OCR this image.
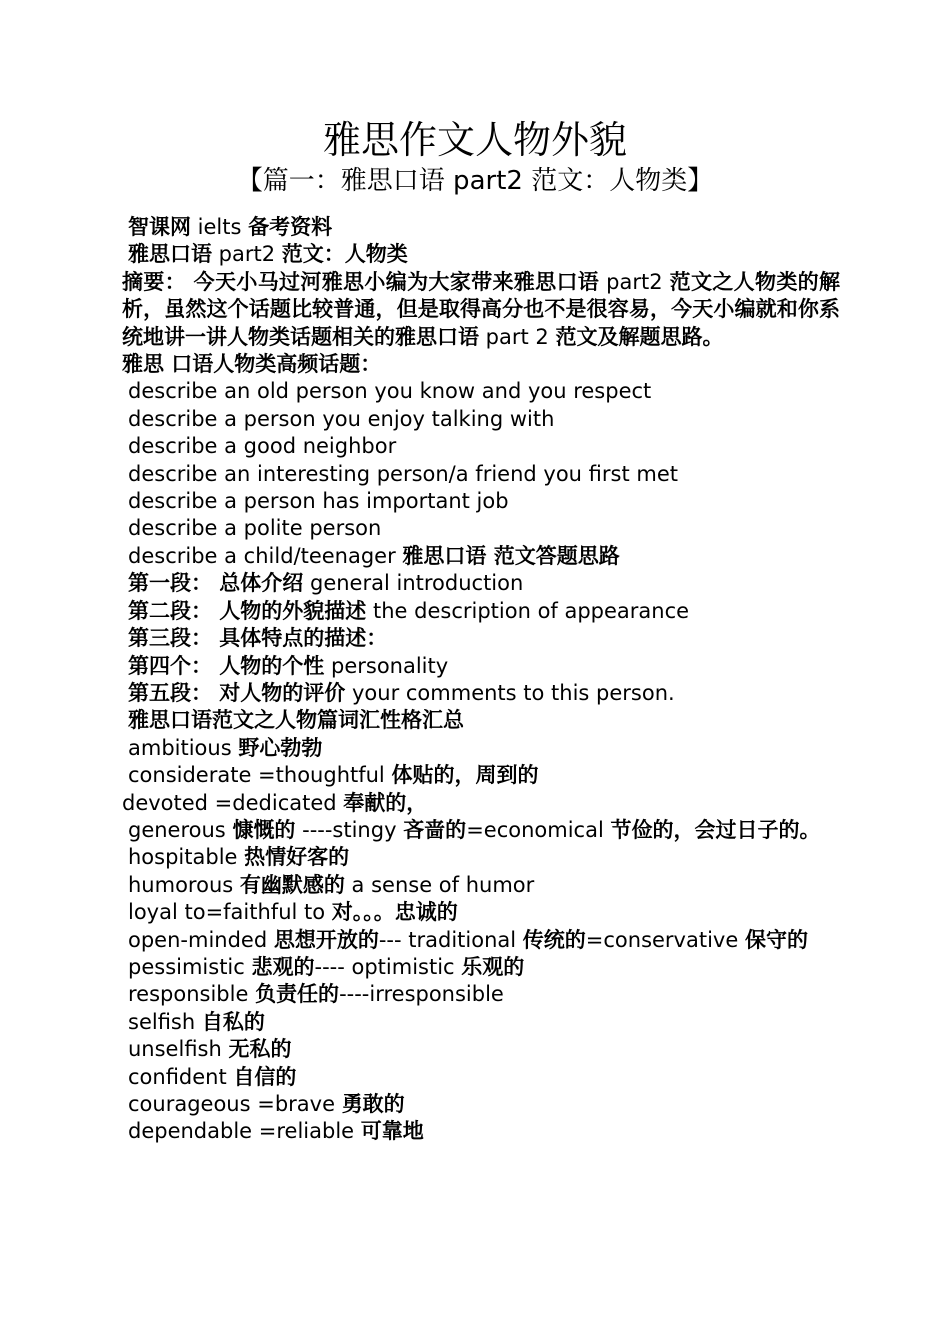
雅思作文人物外貌
【篇一：雅思口语 part2 范文：人物类】
智课网 ielts 备考资料
雅思口语 part2 范文：人物类
摘要： 今天小马过河雅思小编为大家带来雅思口语 part2 范文之人物类的解析，虽然这个话题比较普通，但是取得高分也不是很容易，今天小编就和你系统地讲一讲人物类话题相关的雅思口语 part 2 范文及解题思路。
雅思 口语人物类高频话题：
describe an old person you know and you respect
describe a person you enjoy talking with
describe a good neighbor
describe an interesting person/a friend you first met
describe a person has important job
describe a polite person
describe a child/teenager 雅思口语 范文答题思路
第一段： 总体介绍 general introduction
第二段： 人物的外貌描述 the description of appearance
第三段： 具体特点的描述：
第四个： 人物的个性 personality
第五段： 对人物的评价 your comments to this person.
雅思口语范文之人物篇词汇性格汇总
ambitious 野心勃勃
considerate =thoughtful 体贴的，周到的
devoted =dedicated 奉献的，
generous 慷慨的 ----stingy 吝啬的=economical 节俭的，会过日子的。
hospitable 热情好客的
humorous 有幽默感的 a sense of humor
loyal to=faithful to 对。。。忠诚的
open-minded 思想开放的--- traditional 传统的=conservative 保守的
pessimistic 悲观的---- optimistic 乐观的
responsible 负责任的----irresponsible
selfish 自私的
unselfish 无私的
confident 自信的
courageous =brave 勇敢的
dependable =reliable 可靠地
